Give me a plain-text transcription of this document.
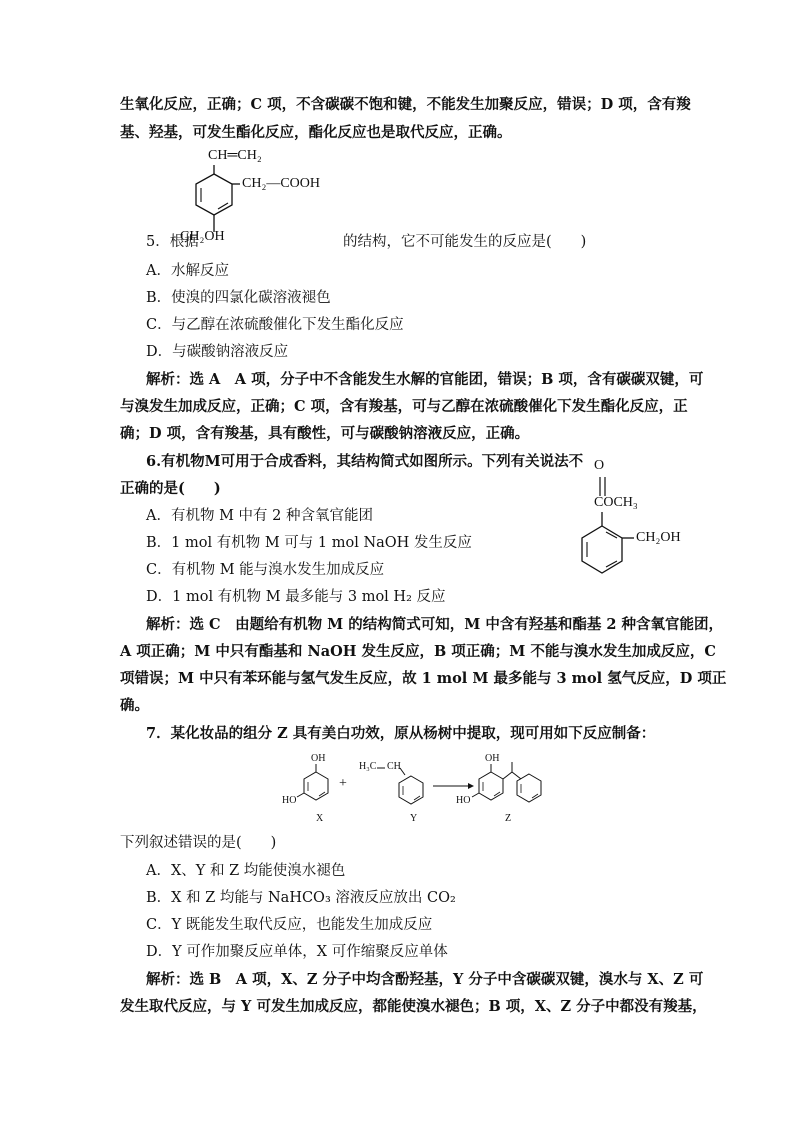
生氧化反应，正确；C 项，不含碳碳不饱和键，不能发生加聚反应，错误；D 项，含有羧
基、羟基，可发生酯化反应，酯化反应也是取代反应，正确。
CH═CH₂
CH₂—COOH
CH₂OH
5．根据	的结构，它不可能发生的反应是(　　)
A．水解反应
B．使溴的四氯化碳溶液褪色
C．与乙醇在浓硫酸催化下发生酯化反应
D．与碳酸钠溶液反应
解析：选 A　A 项，分子中不含能发生水解的官能团，错误；B 项，含有碳碳双键，可
与溴发生加成反应，正确；C 项，含有羧基，可与乙醇在浓硫酸催化下发生酯化反应，正
确；D 项，含有羧基，具有酸性，可与碳酸钠溶液反应，正确。
6.有机物M可用于合成香料，其结构简式如图所示。下列有关说法不
正确的是(　　)
O
COCH₃
CH₂OH
A．有机物 M 中有 2 种含氧官能团
B．1 mol 有机物 M 可与 1 mol NaOH 发生反应
C．有机物 M 能与溴水发生加成反应
D．1 mol 有机物 M 最多能与 3 mol H₂ 反应
解析：选 C　由题给有机物 M 的结构简式可知，M 中含有羟基和酯基 2 种含氧官能团，
A 项正确；M 中只有酯基和 NaOH 发生反应，B 项正确；M 不能与溴水发生加成反应，C
项错误；M 中只有苯环能与氢气发生反应，故 1 mol M 最多能与 3 mol 氢气反应，D 项正
确。
7．某化妆品的组分 Z 具有美白功效，原从杨树中提取，现可用如下反应制备：
OH
HO
+
H₃C CH
OH
HO
X	Y	Z
下列叙述错误的是(　　)
A．X、Y 和 Z 均能使溴水褪色
B．X 和 Z 均能与 NaHCO₃ 溶液反应放出 CO₂
C．Y 既能发生取代反应，也能发生加成反应
D．Y 可作加聚反应单体，X 可作缩聚反应单体
解析：选 B　A 项，X、Z 分子中均含酚羟基，Y 分子中含碳碳双键，溴水与 X、Z 可
发生取代反应，与 Y 可发生加成反应，都能使溴水褪色；B 项，X、Z 分子中都没有羧基，
